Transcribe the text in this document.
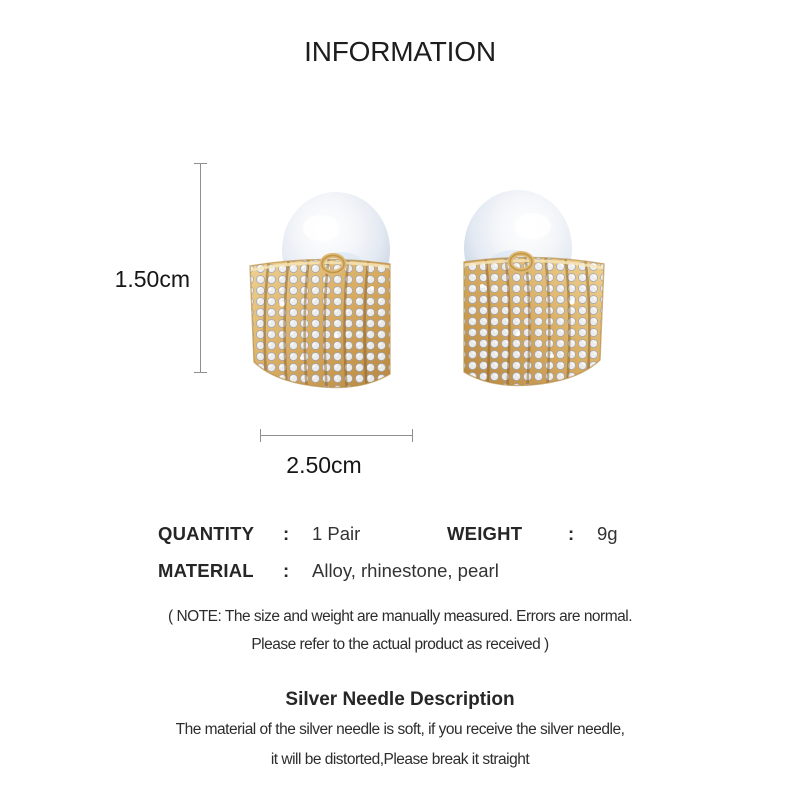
INFORMATION
1.50cm
2.50cm
QUANTITY : 1 Pair	WEIGHT : 9g
MATERIAL : Alloy, rhinestone, pearl
( NOTE: The size and weight are manually measured. Errors are normal.
Please refer to the actual product as received )
Silver Needle Description
The material of the silver needle is soft, if you receive the silver needle,
it will be distorted,Please break it straight
